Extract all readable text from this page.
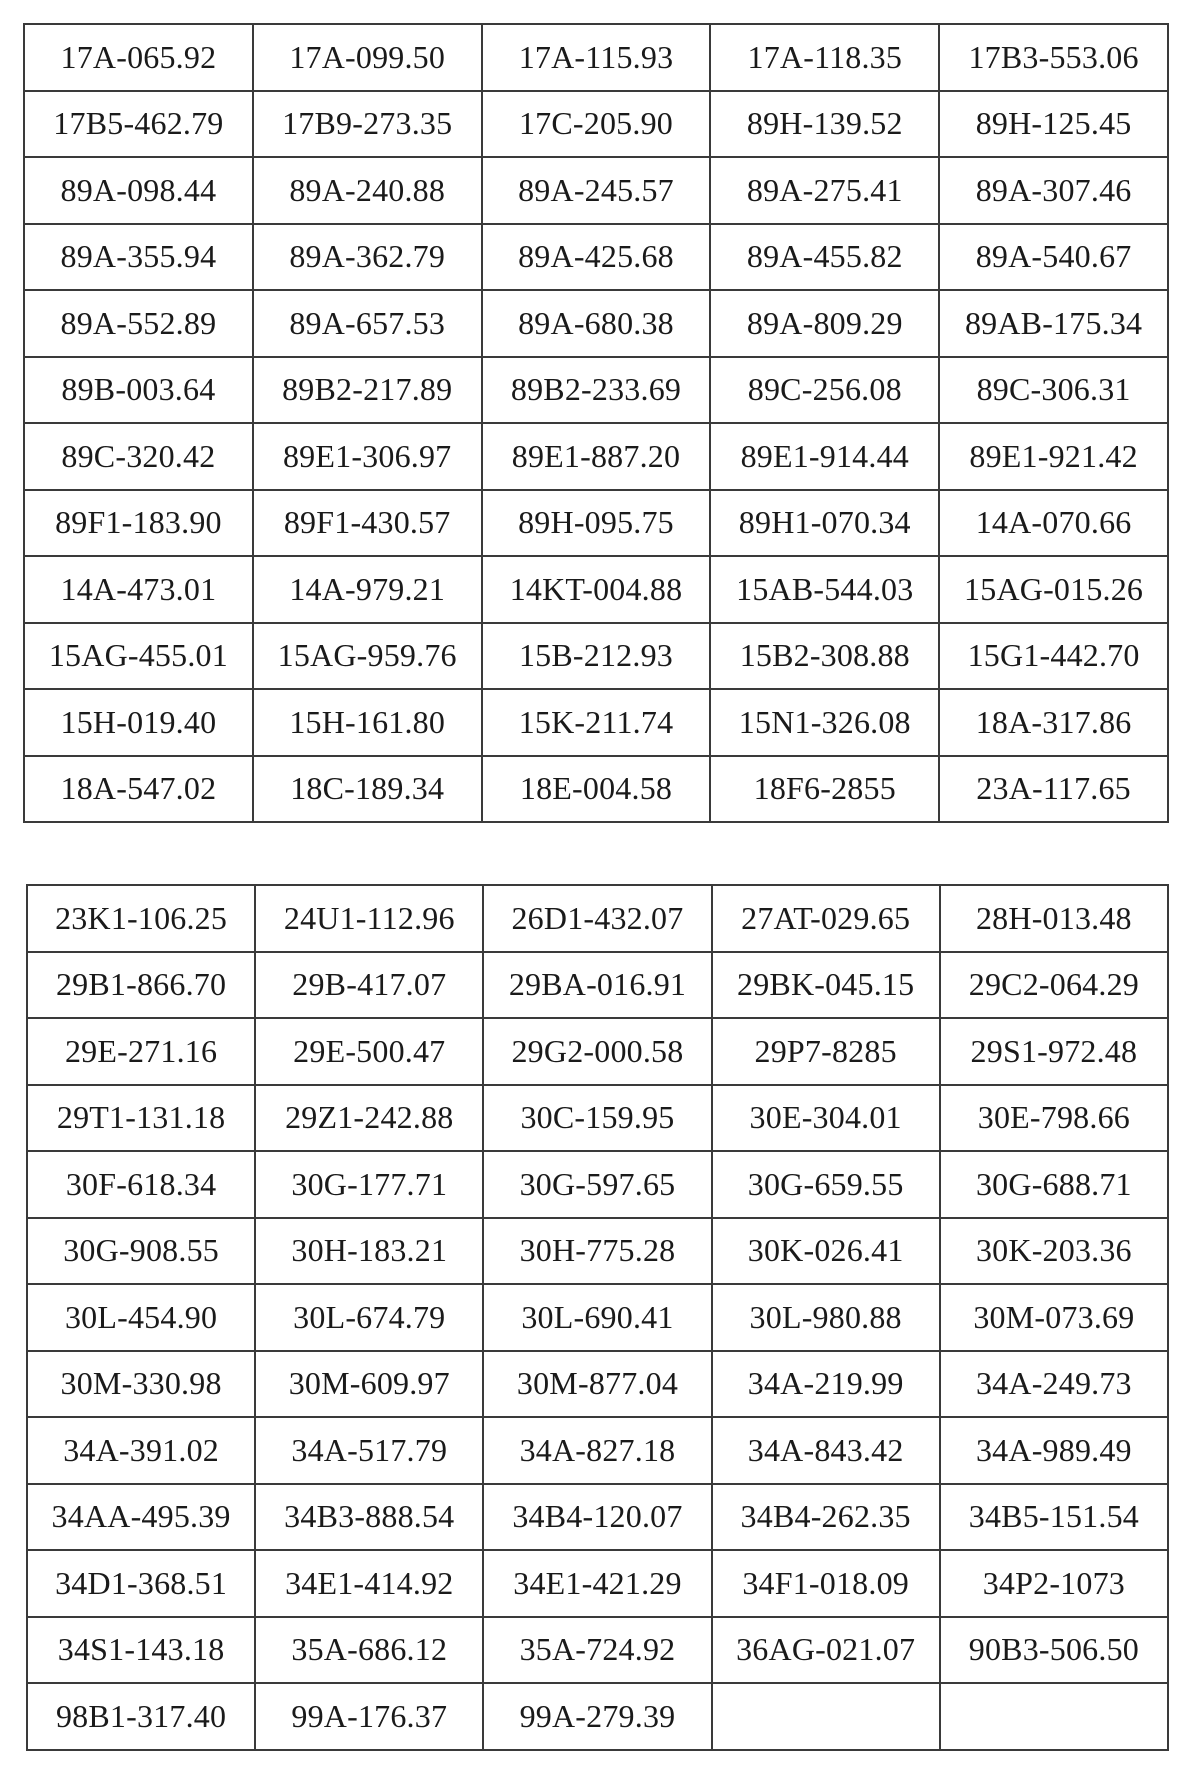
17A-065.92	17A-099.50	17A-115.93	17A-118.35	17B3-553.06
17B5-462.79	17B9-273.35	17C-205.90	89H-139.52	89H-125.45
89A-098.44	89A-240.88	89A-245.57	89A-275.41	89A-307.46
89A-355.94	89A-362.79	89A-425.68	89A-455.82	89A-540.67
89A-552.89	89A-657.53	89A-680.38	89A-809.29	89AB-175.34
89B-003.64	89B2-217.89	89B2-233.69	89C-256.08	89C-306.31
89C-320.42	89E1-306.97	89E1-887.20	89E1-914.44	89E1-921.42
89F1-183.90	89F1-430.57	89H-095.75	89H1-070.34	14A-070.66
14A-473.01	14A-979.21	14KT-004.88	15AB-544.03	15AG-015.26
15AG-455.01	15AG-959.76	15B-212.93	15B2-308.88	15G1-442.70
15H-019.40	15H-161.80	15K-211.74	15N1-326.08	18A-317.86
18A-547.02	18C-189.34	18E-004.58	18F6-2855	23A-117.65
23K1-106.25	24U1-112.96	26D1-432.07	27AT-029.65	28H-013.48
29B1-866.70	29B-417.07	29BA-016.91	29BK-045.15	29C2-064.29
29E-271.16	29E-500.47	29G2-000.58	29P7-8285	29S1-972.48
29T1-131.18	29Z1-242.88	30C-159.95	30E-304.01	30E-798.66
30F-618.34	30G-177.71	30G-597.65	30G-659.55	30G-688.71
30G-908.55	30H-183.21	30H-775.28	30K-026.41	30K-203.36
30L-454.90	30L-674.79	30L-690.41	30L-980.88	30M-073.69
30M-330.98	30M-609.97	30M-877.04	34A-219.99	34A-249.73
34A-391.02	34A-517.79	34A-827.18	34A-843.42	34A-989.49
34AA-495.39	34B3-888.54	34B4-120.07	34B4-262.35	34B5-151.54
34D1-368.51	34E1-414.92	34E1-421.29	34F1-018.09	34P2-1073
34S1-143.18	35A-686.12	35A-724.92	36AG-021.07	90B3-506.50
98B1-317.40	99A-176.37	99A-279.39		
